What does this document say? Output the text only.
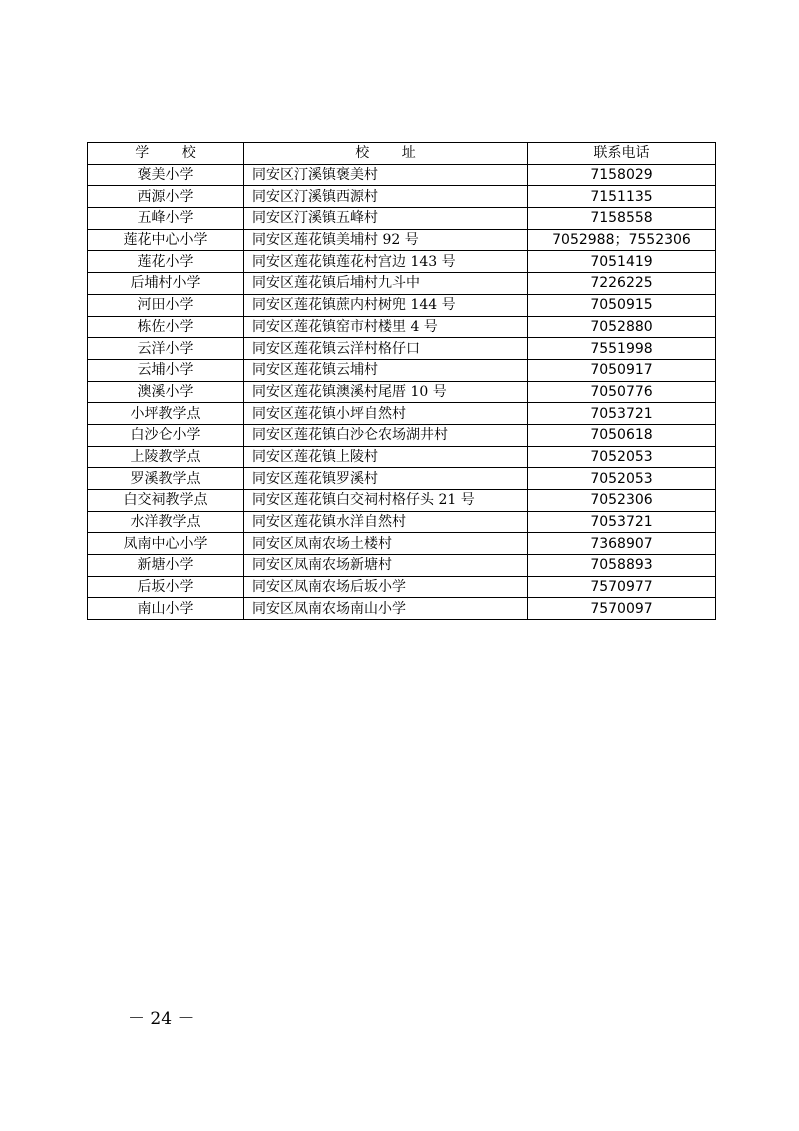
学 校	校 址	联系电话
褒美小学	同安区汀溪镇褒美村	7158029
西源小学	同安区汀溪镇西源村	7151135
五峰小学	同安区汀溪镇五峰村	7158558
莲花中心小学	同安区莲花镇美埔村 92 号	7052988；7552306
莲花小学	同安区莲花镇莲花村宫边 143 号	7051419
后埔村小学	同安区莲花镇后埔村九斗中	7226225
河田小学	同安区莲花镇蔗内村树兜 144 号	7050915
栋佐小学	同安区莲花镇窑市村楼里 4 号	7052880
云洋小学	同安区莲花镇云洋村格仔口	7551998
云埔小学	同安区莲花镇云埔村	7050917
澳溪小学	同安区莲花镇澳溪村尾厝 10 号	7050776
小坪教学点	同安区莲花镇小坪自然村	7053721
白沙仑小学	同安区莲花镇白沙仑农场湖井村	7050618
上陵教学点	同安区莲花镇上陵村	7052053
罗溪教学点	同安区莲花镇罗溪村	7052053
白交祠教学点	同安区莲花镇白交祠村格仔头 21 号	7052306
水洋教学点	同安区莲花镇水洋自然村	7053721
凤南中心小学	同安区凤南农场土楼村	7368907
新塘小学	同安区凤南农场新塘村	7058893
后坂小学	同安区凤南农场后坂小学	7570977
南山小学	同安区凤南农场南山小学	7570097
－ 24 －
